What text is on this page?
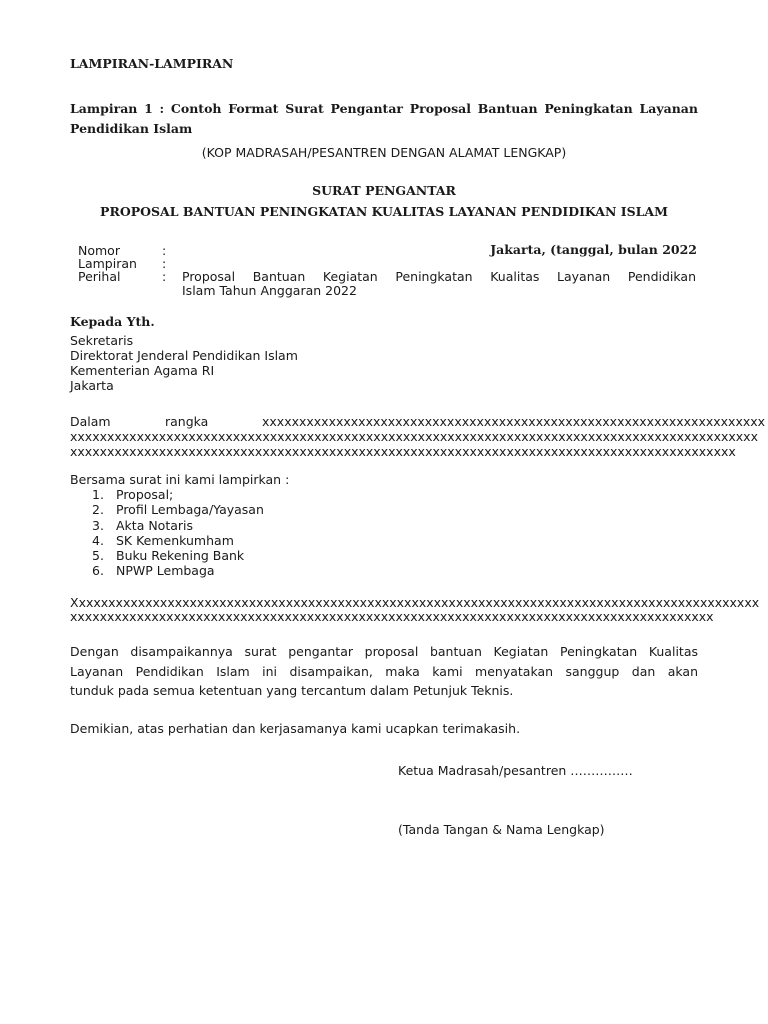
LAMPIRAN-LAMPIRAN
Lampiran 1 : Contoh Format Surat Pengantar Proposal Bantuan Peningkatan Layanan
Pendidikan Islam
(KOP MADRASAH/PESANTREN DENGAN ALAMAT LENGKAP)
SURAT PENGANTAR
PROPOSAL BANTUAN PENINGKATAN KUALITAS LAYANAN PENDIDIKAN ISLAM
Nomor	:	Jakarta, (tanggal, bulan 2022
Lampiran :
Perihal	: Proposal Bantuan Kegiatan Peningkatan Kualitas Layanan Pendidikan
Islam Tahun Anggaran 2022
Kepada Yth.
Sekretaris
Direktorat Jenderal Pendidikan Islam
Kementerian Agama RI
Jakarta
Dalam	rangka	xxxxxxxxxxxxxxxxxxxxxxxxxxxxxxxxxxxxxxxxxxxxxxxxxxxxxxxxxxxxxxxxxxxx
xxxxxxxxxxxxxxxxxxxxxxxxxxxxxxxxxxxxxxxxxxxxxxxxxxxxxxxxxxxxxxxxxxxxxxxxxxxxxxxxxxxxxxxxxxxxx
xxxxxxxxxxxxxxxxxxxxxxxxxxxxxxxxxxxxxxxxxxxxxxxxxxxxxxxxxxxxxxxxxxxxxxxxxxxxxxxxxxxxxxxxxx
Bersama surat ini kami lampirkan :
1. Proposal;
2. Profil Lembaga/Yayasan
3. Akta Notaris
4. SK Kemenkumham
5. Buku Rekening Bank
6. NPWP Lembaga
Xxxxxxxxxxxxxxxxxxxxxxxxxxxxxxxxxxxxxxxxxxxxxxxxxxxxxxxxxxxxxxxxxxxxxxxxxxxxxxxxxxxxxxxxxxxxx
xxxxxxxxxxxxxxxxxxxxxxxxxxxxxxxxxxxxxxxxxxxxxxxxxxxxxxxxxxxxxxxxxxxxxxxxxxxxxxxxxxxxxxx
Dengan disampaikannya surat pengantar proposal bantuan Kegiatan Peningkatan Kualitas
Layanan Pendidikan Islam ini disampaikan, maka kami menyatakan sanggup dan akan
tunduk pada semua ketentuan yang tercantum dalam Petunjuk Teknis.
Demikian, atas perhatian dan kerjasamanya kami ucapkan terimakasih.
Ketua Madrasah/pesantren ……………
(Tanda Tangan & Nama Lengkap)
